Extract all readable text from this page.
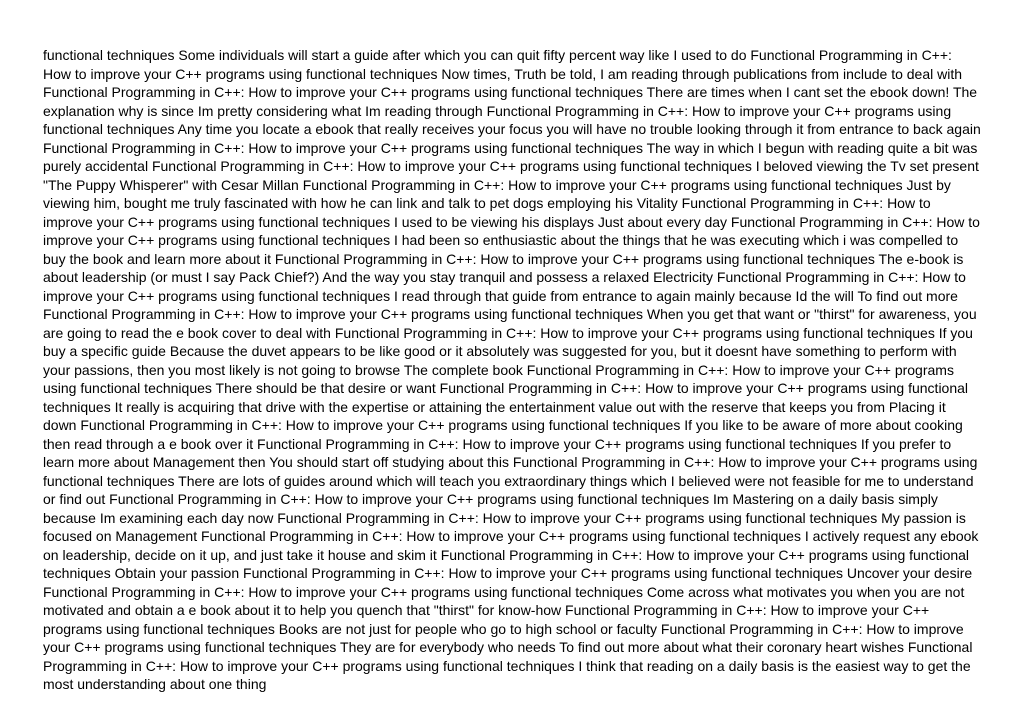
functional techniques Some individuals will start a guide after which you can quit fifty percent way like I used to do Functional Programming in C++: How to improve your C++ programs using functional techniques Now times, Truth be told, I am reading through publications from include to deal with Functional Programming in C++: How to improve your C++ programs using functional techniques There are times when I cant set the ebook down! The explanation why is since Im pretty considering what Im reading through Functional Programming in C++: How to improve your C++ programs using functional techniques Any time you locate a ebook that really receives your focus you will have no trouble looking through it from entrance to back again Functional Programming in C++: How to improve your C++ programs using functional techniques The way in which I begun with reading quite a bit was purely accidental Functional Programming in C++: How to improve your C++ programs using functional techniques I beloved viewing the Tv set present "The Puppy Whisperer" with Cesar Millan Functional Programming in C++: How to improve your C++ programs using functional techniques Just by viewing him, bought me truly fascinated with how he can link and talk to pet dogs employing his Vitality Functional Programming in C++: How to improve your C++ programs using functional techniques I used to be viewing his displays Just about every day Functional Programming in C++: How to improve your C++ programs using functional techniques I had been so enthusiastic about the things that he was executing which i was compelled to buy the book and learn more about it Functional Programming in C++: How to improve your C++ programs using functional techniques The e-book is about leadership (or must I say Pack Chief?) And the way you stay tranquil and possess a relaxed Electricity Functional Programming in C++: How to improve your C++ programs using functional techniques I read through that guide from entrance to again mainly because Id the will To find out more Functional Programming in C++: How to improve your C++ programs using functional techniques When you get that want or "thirst" for awareness, you are going to read the e book cover to deal with Functional Programming in C++: How to improve your C++ programs using functional techniques If you buy a specific guide Because the duvet appears to be like good or it absolutely was suggested for you, but it doesnt have something to perform with your passions, then you most likely is not going to browse The complete book Functional Programming in C++: How to improve your C++ programs using functional techniques There should be that desire or want Functional Programming in C++: How to improve your C++ programs using functional techniques It really is acquiring that drive with the expertise or attaining the entertainment value out with the reserve that keeps you from Placing it down Functional Programming in C++: How to improve your C++ programs using functional techniques If you like to be aware of more about cooking then read through a e book over it Functional Programming in C++: How to improve your C++ programs using functional techniques If you prefer to learn more about Management then You should start off studying about this Functional Programming in C++: How to improve your C++ programs using functional techniques There are lots of guides around which will teach you extraordinary things which I believed were not feasible for me to understand or find out Functional Programming in C++: How to improve your C++ programs using functional techniques Im Mastering on a daily basis simply because Im examining each day now Functional Programming in C++: How to improve your C++ programs using functional techniques My passion is focused on Management Functional Programming in C++: How to improve your C++ programs using functional techniques I actively request any ebook on leadership, decide on it up, and just take it house and skim it Functional Programming in C++: How to improve your C++ programs using functional techniques Obtain your passion Functional Programming in C++: How to improve your C++ programs using functional techniques Uncover your desire Functional Programming in C++: How to improve your C++ programs using functional techniques Come across what motivates you when you are not motivated and obtain a e book about it to help you quench that "thirst" for know-how Functional Programming in C++: How to improve your C++ programs using functional techniques Books are not just for people who go to high school or faculty Functional Programming in C++: How to improve your C++ programs using functional techniques They are for everybody who needs To find out more about what their coronary heart wishes Functional Programming in C++: How to improve your C++ programs using functional techniques I think that reading on a daily basis is the easiest way to get the most understanding about one thing
